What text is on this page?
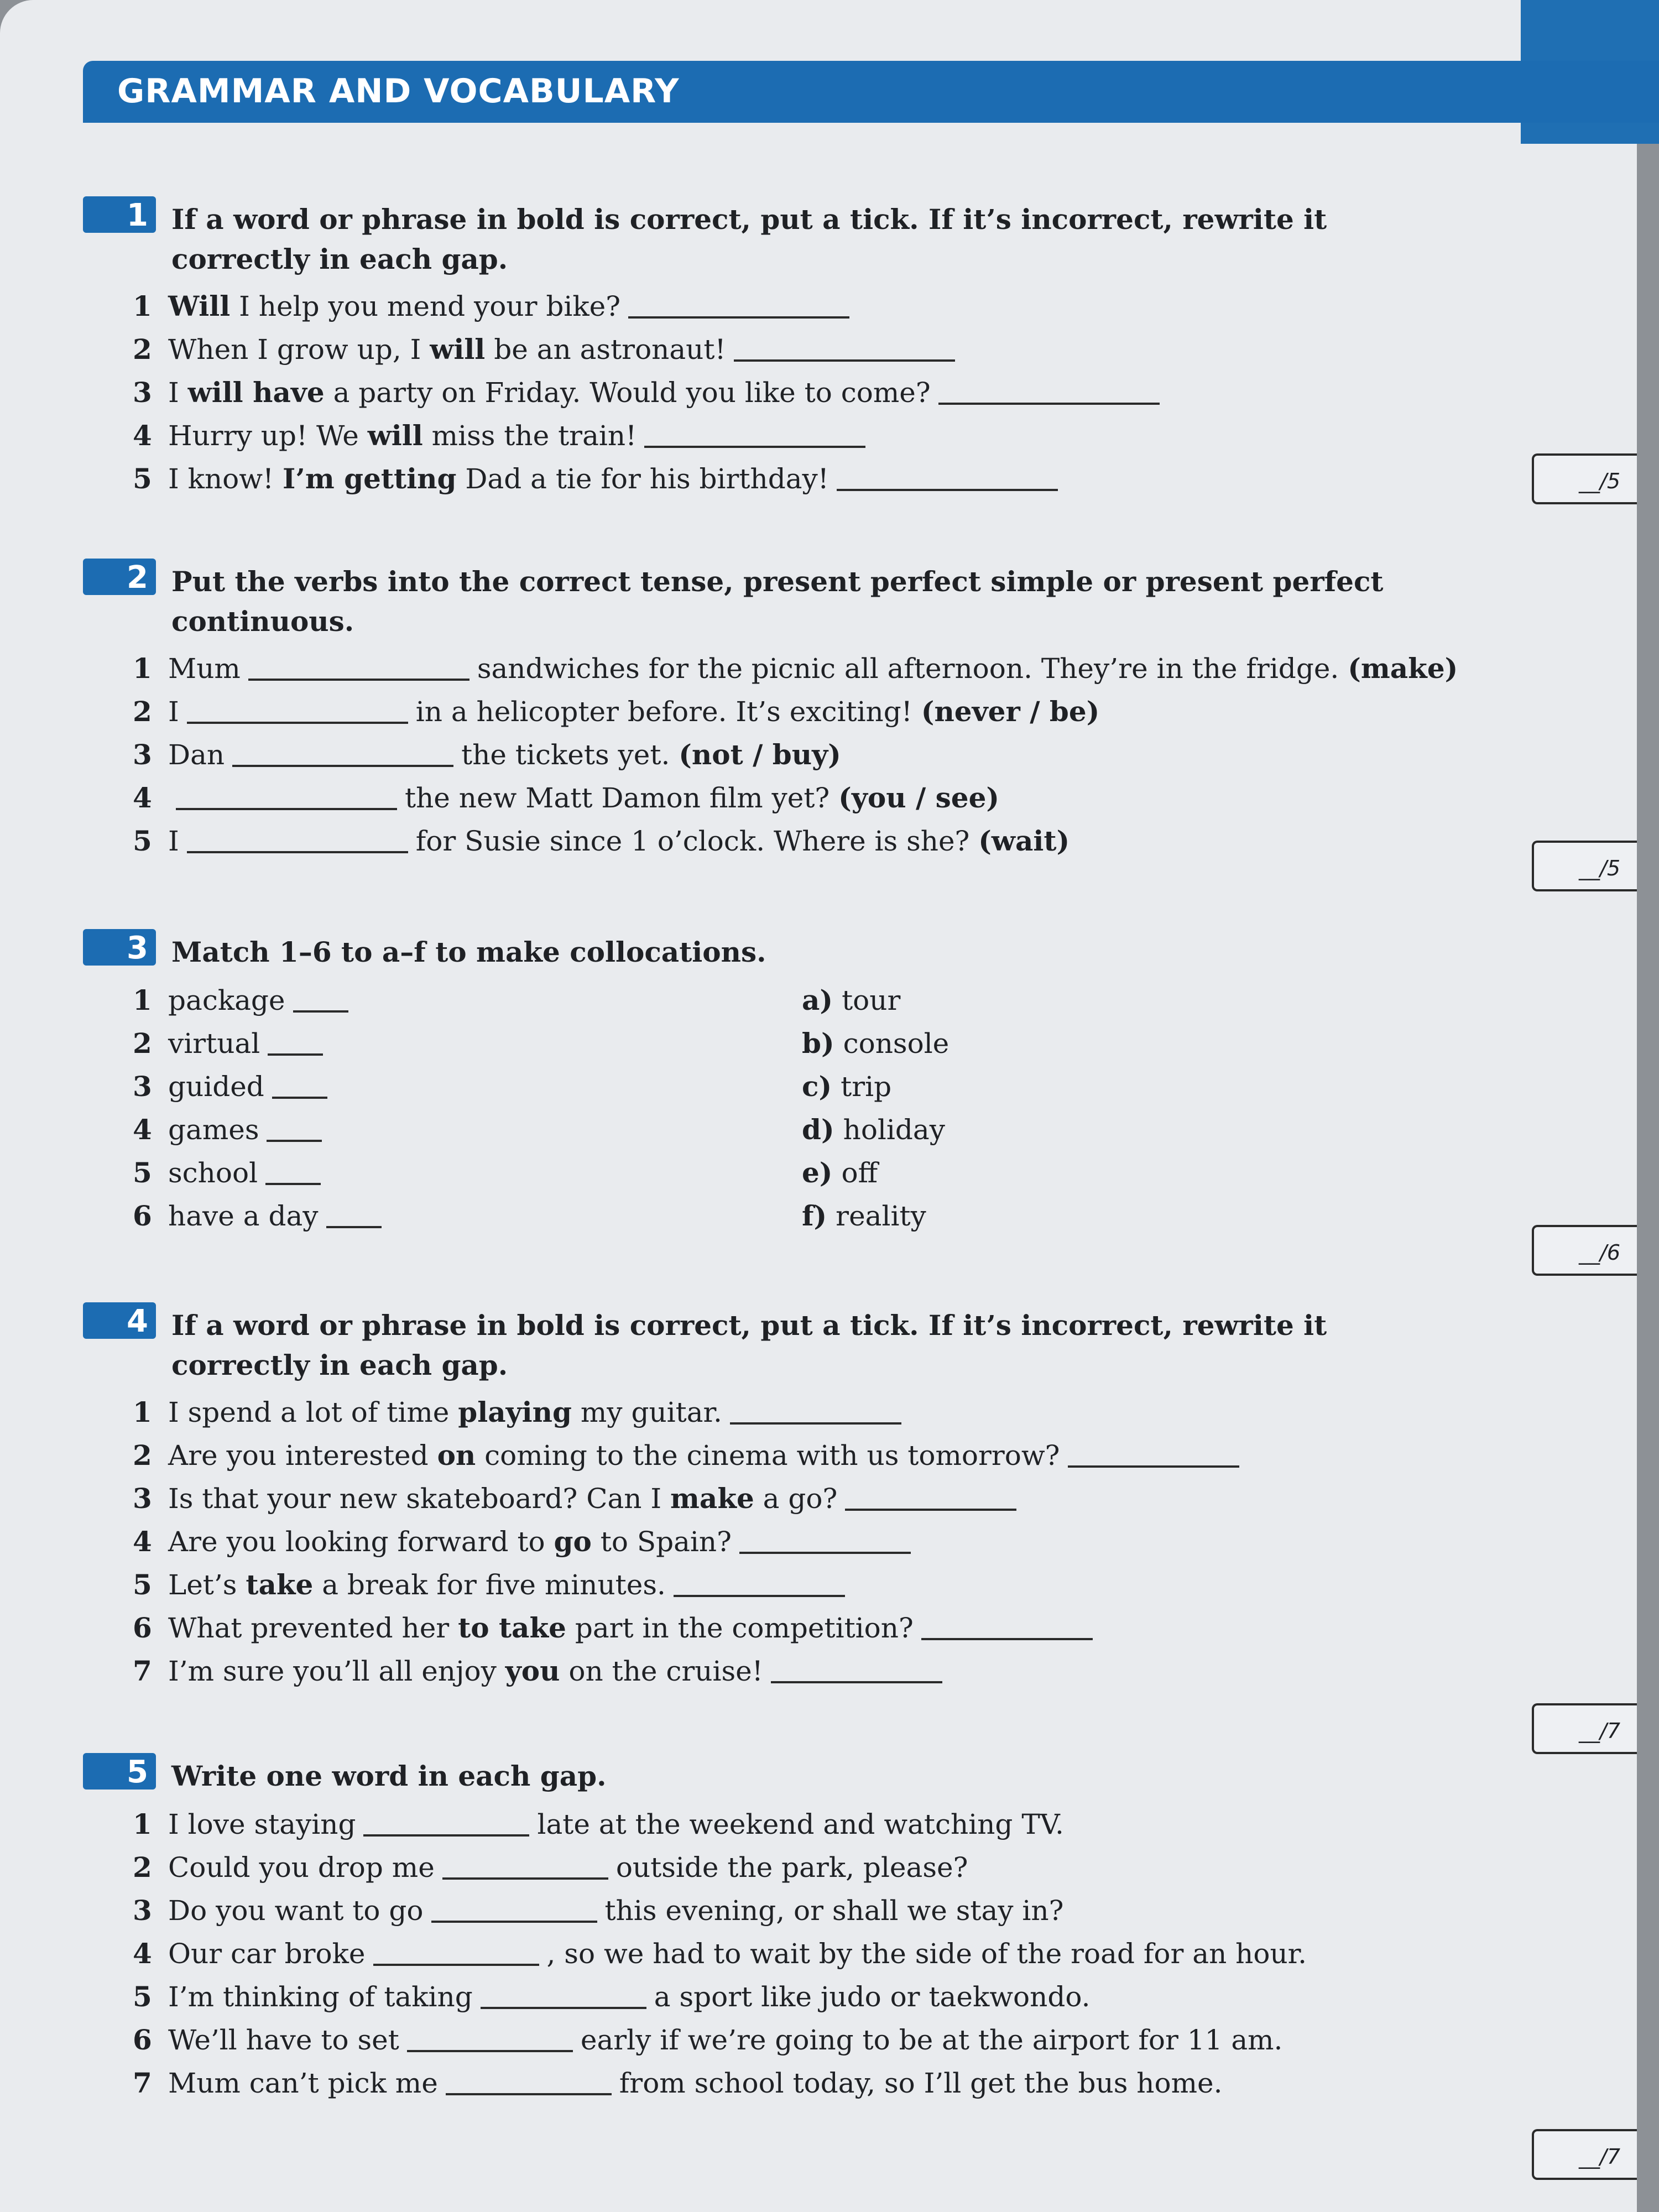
GRAMMAR AND VOCABULARY
1 If a word or phrase in bold is correct, put a tick. If it’s incorrect, rewrite it correctly in each gap.
1 Will I help you mend your bike?
2 When I grow up, I will be an astronaut!
3 I will have a party on Friday. Would you like to come?
4 Hurry up! We will miss the train!
5 I know! I’m getting Dad a tie for his birthday!	__/5
2 Put the verbs into the correct tense, present perfect simple or present perfect continuous.
1 Mum	sandwiches for the picnic all afternoon. They’re in the fridge. (make)
2 I	in a helicopter before. It’s exciting! (never / be)
3 Dan	the tickets yet. (not / buy)
4	the new Matt Damon film yet? (you / see)
5 I	for Susie since 1 o’clock. Where is she? (wait)
__/5
3 Match 1–6 to a–f to make collocations.
1 package	a) tour
2 virtual	b) console
3 guided	c) trip
4 games	d) holiday
5 school	e) off
6 have a day	f) reality
__/6
4 If a word or phrase in bold is correct, put a tick. If it’s incorrect, rewrite it correctly in each gap.
1 I spend a lot of time playing my guitar.
2 Are you interested on coming to the cinema with us tomorrow?
3 Is that your new skateboard? Can I make a go?
4 Are you looking forward to go to Spain?
5 Let’s take a break for five minutes.
6 What prevented her to take part in the competition?
7 I’m sure you’ll all enjoy you on the cruise!
__/7
5 Write one word in each gap.
1 I love staying	late at the weekend and watching TV.
2 Could you drop me	outside the park, please?
3 Do you want to go	this evening, or shall we stay in?
4 Our car broke	, so we had to wait by the side of the road for an hour.
5 I’m thinking of taking	a sport like judo or taekwondo.
6 We’ll have to set	early if we’re going to be at the airport for 11 am.
7 Mum can’t pick me	from school today, so I’ll get the bus home.
__/7
